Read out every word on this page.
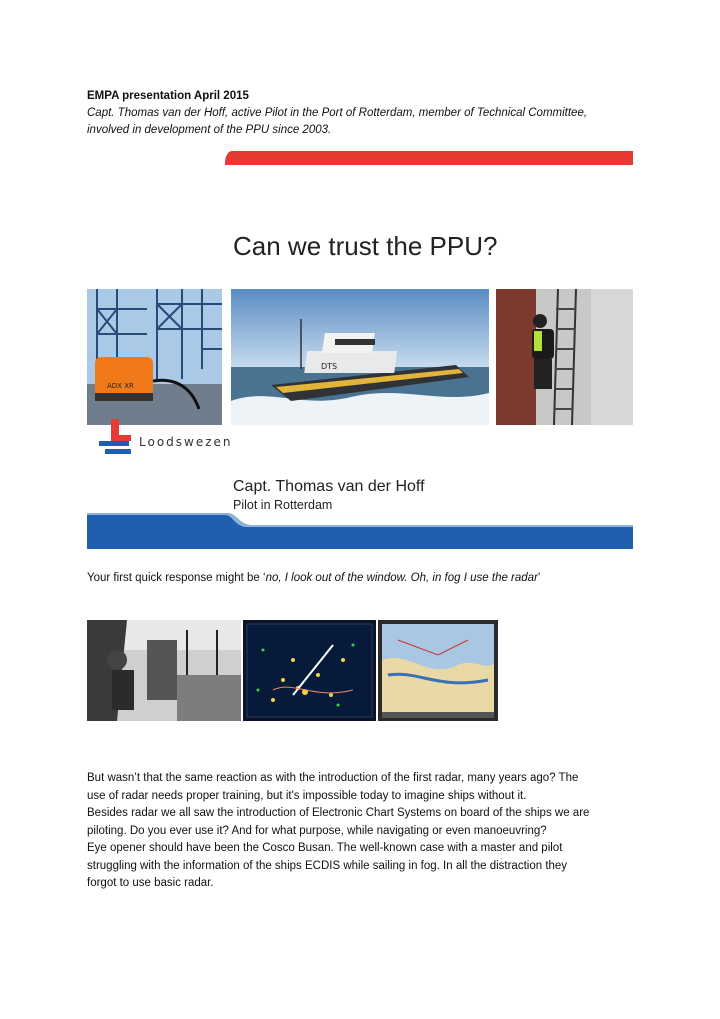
EMPA presentation April 2015
Capt. Thomas van der Hoff, active Pilot in the Port of Rotterdam, member of Technical Committee,
involved in development of the PPU since 2003.
Can we trust the PPU?
ADX XR
DTS
Loodswezen
Capt. Thomas van der Hoff
Pilot in Rotterdam
Your first quick response might be ‘no, I look out of the window. Oh, in fog I use the radar’
But wasn’t that the same reaction as with the introduction of the first radar, many years ago? The
use of radar needs proper training, but it's impossible today to imagine ships without it.
Besides radar we all saw the introduction of Electronic Chart Systems on board of the ships we are
piloting. Do you ever use it? And for what purpose, while navigating or even manoeuvring?
Eye opener should have been the Cosco Busan. The well-known case with a master and pilot
struggling with the information of the ships ECDIS while sailing in fog. In all the distraction they
forgot to use basic radar.
